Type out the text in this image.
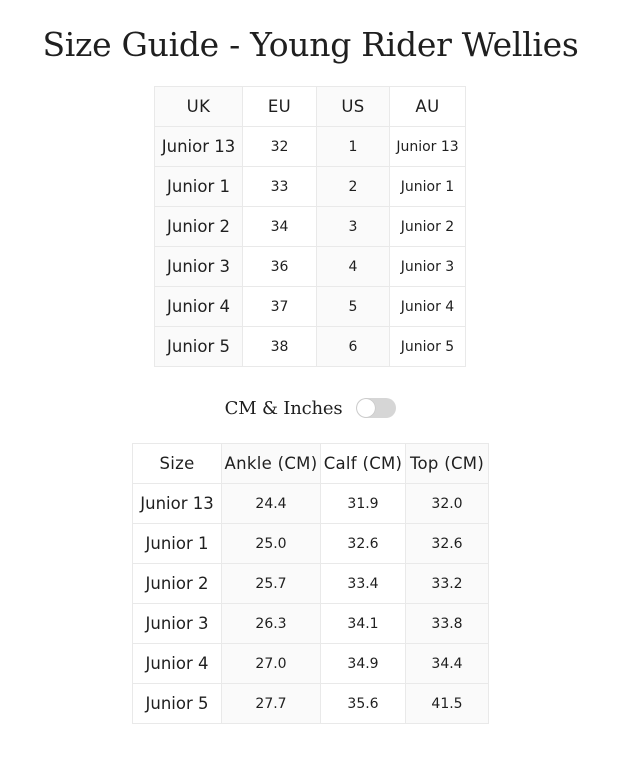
Size Guide - Young Rider Wellies
UK	EU	US	AU
Junior 13	32	1	Junior 13
Junior 1	33	2	Junior 1
Junior 2	34	3	Junior 2
Junior 3	36	4	Junior 3
Junior 4	37	5	Junior 4
Junior 5	38	6	Junior 5
CM & Inches
Size	Ankle (CM)	Calf (CM)	Top (CM)
Junior 13	24.4	31.9	32.0
Junior 1	25.0	32.6	32.6
Junior 2	25.7	33.4	33.2
Junior 3	26.3	34.1	33.8
Junior 4	27.0	34.9	34.4
Junior 5	27.7	35.6	41.5
